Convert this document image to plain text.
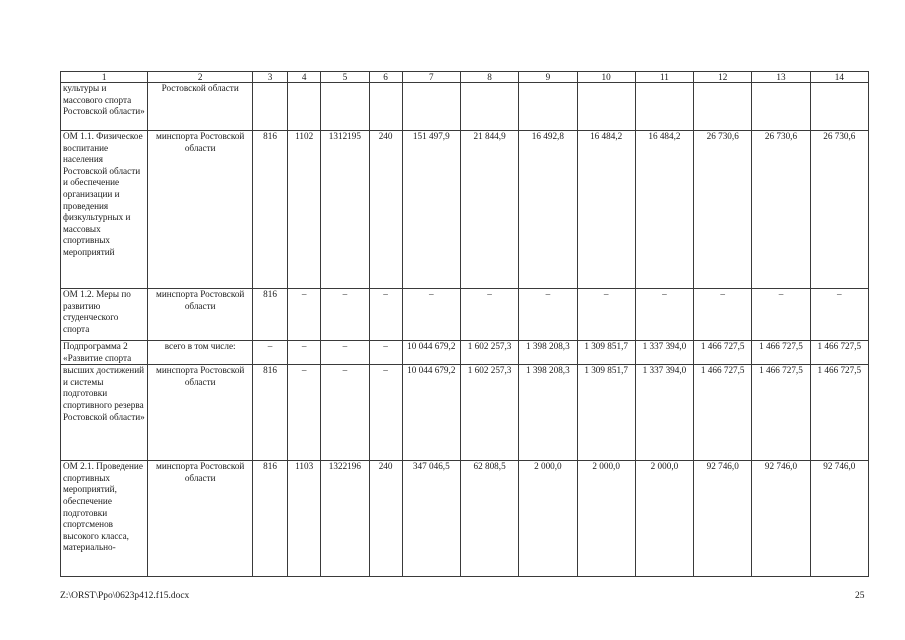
1	2	3	4	5	6	7	8	9	10	11	12	13	14
культуры и массового спорта Ростовской области»	Ростовской области												
ОМ 1.1. Физическое воспитание населения Ростовской области и обеспечение организации и проведения физкультурных и массовых спортивных мероприятий	минспорта Ростовской области	816	1102	1312195	240	151 497,9	21 844,9	16 492,8	16 484,2	16 484,2	26 730,6	26 730,6	26 730,6
ОМ 1.2. Меры по развитию студенческого спорта	минспорта Ростовской области	816	–	–	–	–	–	–	–	–	–	–	–
Подпрограмма 2 «Развитие спорта	всего в том числе:	–	–	–	–	10 044 679,2	1 602 257,3	1 398 208,3	1 309 851,7	1 337 394,0	1 466 727,5	1 466 727,5	1 466 727,5
высших достижений и системы подготовки спортивного резерва Ростовской области»	минспорта Ростовской области	816	–	–	–	10 044 679,2	1 602 257,3	1 398 208,3	1 309 851,7	1 337 394,0	1 466 727,5	1 466 727,5	1 466 727,5
ОМ 2.1. Проведение спортивных мероприятий, обеспечение подготовки спортсменов высокого класса, материально-	минспорта Ростовской области	816	1103	1322196	240	347 046,5	62 808,5	2 000,0	2 000,0	2 000,0	92 746,0	92 746,0	92 746,0
Z:\ORST\Ppo\0623p412.f15.docx	25
